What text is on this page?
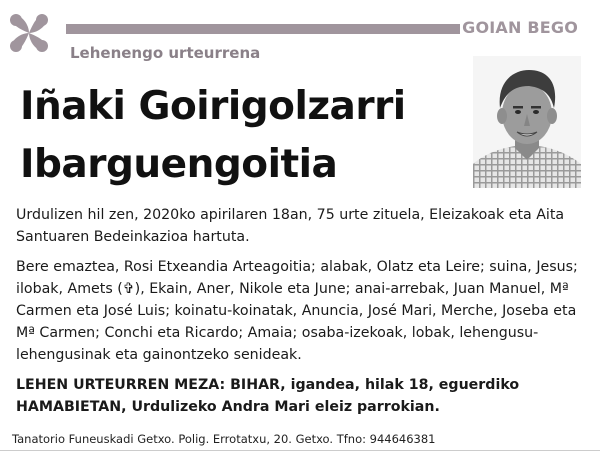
GOIAN BEGO
Lehenengo urteurrena
Iñaki Goirigolzarri
Ibarguengoitia
Urdulizen hil zen, 2020ko apirilaren 18an, 75 urte zituela, Eleizakoak eta Aita Santuaren Bedeinkazioa hartuta.
Bere emaztea, Rosi Etxeandia Arteagoitia; alabak, Olatz eta Leire; suina, Jesus; ilobak, Amets (✞), Ekain, Aner, Nikole eta June; anai-arrebak, Juan Manuel, Mª Carmen eta José Luis; koinatu-koinatak, Anuncia, José Mari, Merche, Joseba eta Mª Carmen; Conchi eta Ricardo; Amaia; osaba-izekoak, lobak, lehengusu-lehengusinak eta gainontzeko senideak.
LEHEN URTEURREN MEZA: BIHAR, igandea, hilak 18, eguerdiko HAMABIETAN, Urdulizeko Andra Mari eleiz parrokian.
Tanatorio Funeuskadi Getxo. Polig. Errotatxu, 20. Getxo. Tfno: 944646381
